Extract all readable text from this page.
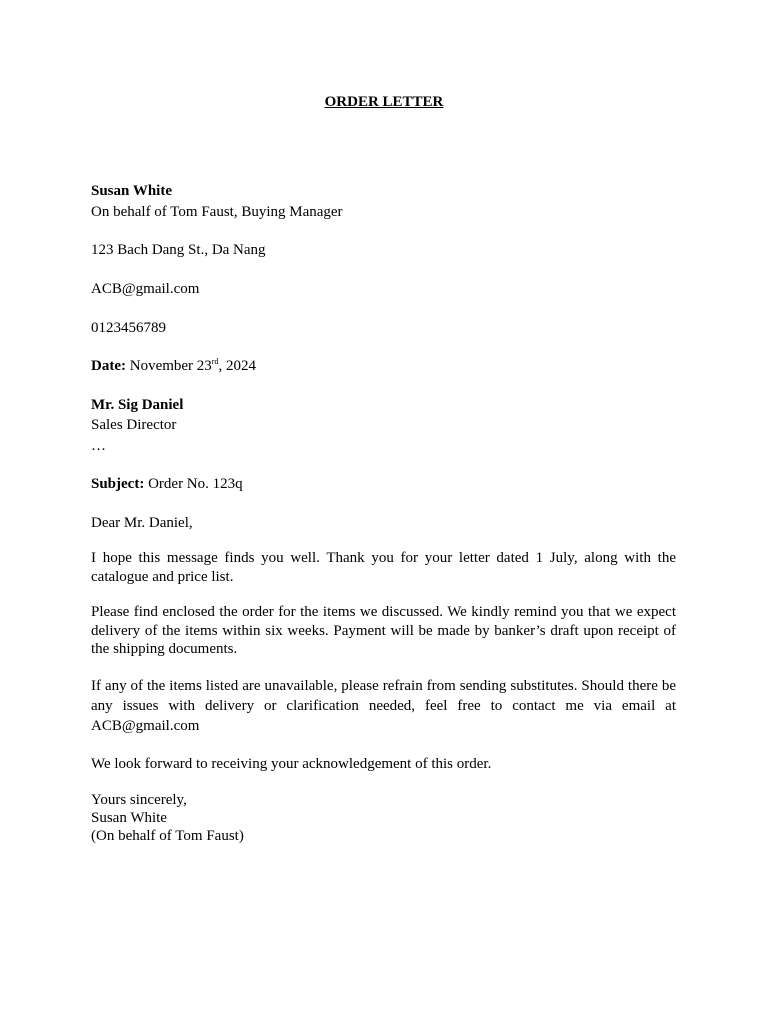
ORDER LETTER
Susan White
On behalf of Tom Faust, Buying Manager
123 Bach Dang St., Da Nang
ACB@gmail.com
0123456789
Date: November 23rd, 2024
Mr. Sig Daniel
Sales Director
…
Subject: Order No. 123q
Dear Mr. Daniel,
I hope this message finds you well. Thank you for your letter dated 1 July, along with the catalogue and price list.
Please find enclosed the order for the items we discussed. We kindly remind you that we expect delivery of the items within six weeks. Payment will be made by banker’s draft upon receipt of the shipping documents.
If any of the items listed are unavailable, please refrain from sending substitutes. Should there be any issues with delivery or clarification needed, feel free to contact me via email at ACB@gmail.com
We look forward to receiving your acknowledgement of this order.
Yours sincerely,
Susan White
(On behalf of Tom Faust)
